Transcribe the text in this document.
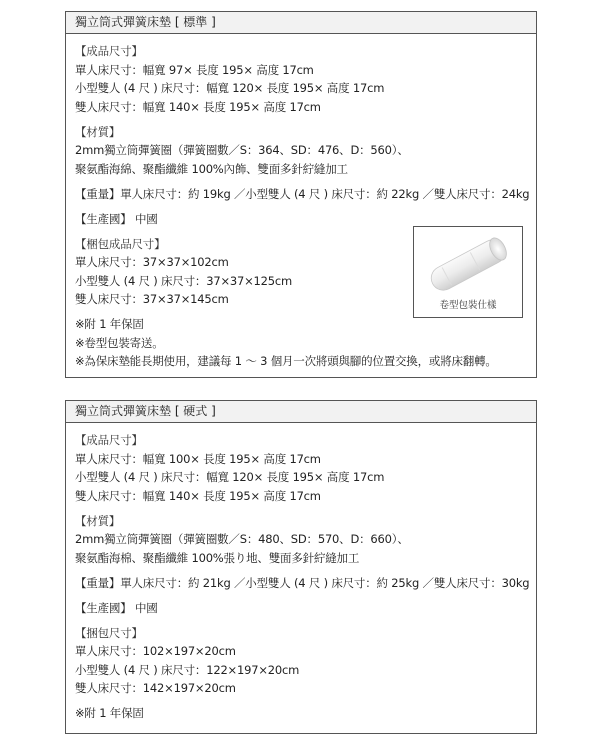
獨立筒式彈簧床墊 [ 標準 ]
【成品尺寸】
單人床尺寸：幅寬 97× 長度 195× 高度 17cm
小型雙人 (4 尺 ) 床尺寸：幅寬 120× 長度 195× 高度 17cm
雙人床尺寸：幅寬 140× 長度 195× 高度 17cm
【材質】
2mm獨立筒彈簧圈（彈簧圈數／S：364、SD：476、D：560）、
聚氨酯海綿、聚酯纖維 100%內飾、雙面多針紵縫加工
【重量】單人床尺寸：約 19kg ／小型雙人 (4 尺 ) 床尺寸：約 22kg ／雙人床尺寸：24kg
【生產國】 中國
【梱包成品尺寸】
單人床尺寸：37×37×102cm
小型雙人 (4 尺 ) 床尺寸：37×37×125cm
雙人床尺寸：37×37×145cm
※附 1 年保固
※卷型包裝寄送。
※為保床墊能長期使用，建議每 1 ～ 3 個月一次將頭與腳的位置交換，或將床翻轉。
卷型包裝仕樣
獨立筒式彈簧床墊 [ 硬式 ]
【成品尺寸】
單人床尺寸：幅寬 100× 長度 195× 高度 17cm
小型雙人 (4 尺 ) 床尺寸：幅寬 120× 長度 195× 高度 17cm
雙人床尺寸：幅寬 140× 長度 195× 高度 17cm
【材質】
2mm獨立筒彈簧圈（彈簧圈數／S：480、SD：570、D：660）、
聚氨酯海棉、聚酯纖維 100%張り地、雙面多針紵縫加工
【重量】單人床尺寸：約 21kg ／小型雙人 (4 尺 ) 床尺寸：約 25kg ／雙人床尺寸：30kg
【生產國】 中國
【捆包尺寸】
單人床尺寸：102×197×20cm
小型雙人 (4 尺 ) 床尺寸：122×197×20cm
雙人床尺寸：142×197×20cm
※附 1 年保固
